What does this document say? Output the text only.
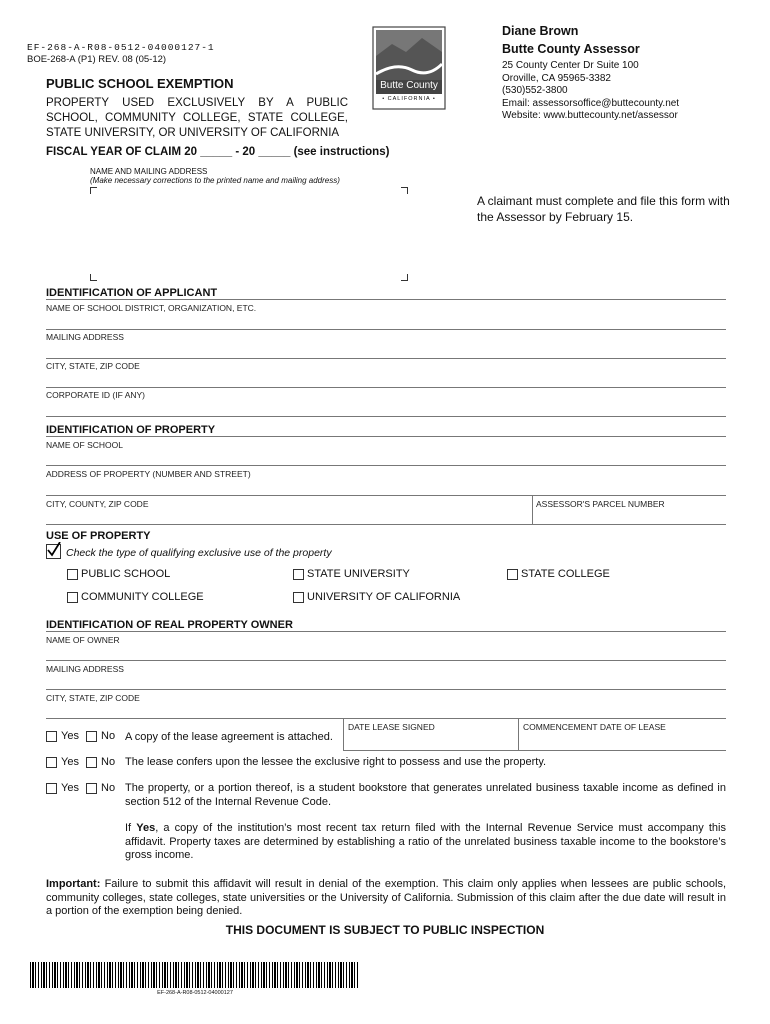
EF-268-A-R08-0512-04000127-1
BOE-268-A (P1) REV. 08 (05-12)
PUBLIC SCHOOL EXEMPTION
PROPERTY USED EXCLUSIVELY BY A PUBLIC SCHOOL, COMMUNITY COLLEGE, STATE COLLEGE, STATE UNIVERSITY, OR UNIVERSITY OF CALIFORNIA
FISCAL YEAR OF CLAIM 20 _____ - 20 _____ (see instructions)
Butte County
• CALIFORNIA •
Diane Brown
Butte County Assessor
25 County Center Dr Suite 100
Oroville, CA 95965-3382
(530)552-3800
Email: assessorsoffice@buttecounty.net
Website: www.buttecounty.net/assessor
NAME AND MAILING ADDRESS
(Make necessary corrections to the printed name and mailing address)
A claimant must complete and file this form with the Assessor by February 15.
IDENTIFICATION OF APPLICANT
NAME OF SCHOOL DISTRICT, ORGANIZATION, ETC.
MAILING ADDRESS
CITY, STATE, ZIP CODE
CORPORATE ID (IF ANY)
IDENTIFICATION OF PROPERTY
NAME OF SCHOOL
ADDRESS OF PROPERTY (NUMBER AND STREET)
CITY, COUNTY, ZIP CODE	ASSESSOR'S PARCEL NUMBER
USE OF PROPERTY
Check the type of qualifying exclusive use of the property
PUBLIC SCHOOL	STATE UNIVERSITY	STATE COLLEGE
COMMUNITY COLLEGE	UNIVERSITY OF CALIFORNIA
IDENTIFICATION OF REAL PROPERTY OWNER
NAME OF OWNER
MAILING ADDRESS
CITY, STATE, ZIP CODE
DATE LEASE SIGNED	COMMENCEMENT DATE OF LEASE
Yes No A copy of the lease agreement is attached.
Yes No The lease confers upon the lessee the exclusive right to possess and use the property.
Yes No The property, or a portion thereof, is a student bookstore that generates unrelated business taxable income as defined in section 512 of the Internal Revenue Code.
If Yes, a copy of the institution’s most recent tax return filed with the Internal Revenue Service must accompany this affidavit. Property taxes are determined by establishing a ratio of the unrelated business taxable income to the bookstore’s gross income.
Important: Failure to submit this affidavit will result in denial of the exemption. This claim only applies when lessees are public schools, community colleges, state colleges, state universities or the University of California. Submission of this claim after the due date will result in a portion of the exemption being denied.
THIS DOCUMENT IS SUBJECT TO PUBLIC INSPECTION
EF-268-A-R08-0512-04000127
